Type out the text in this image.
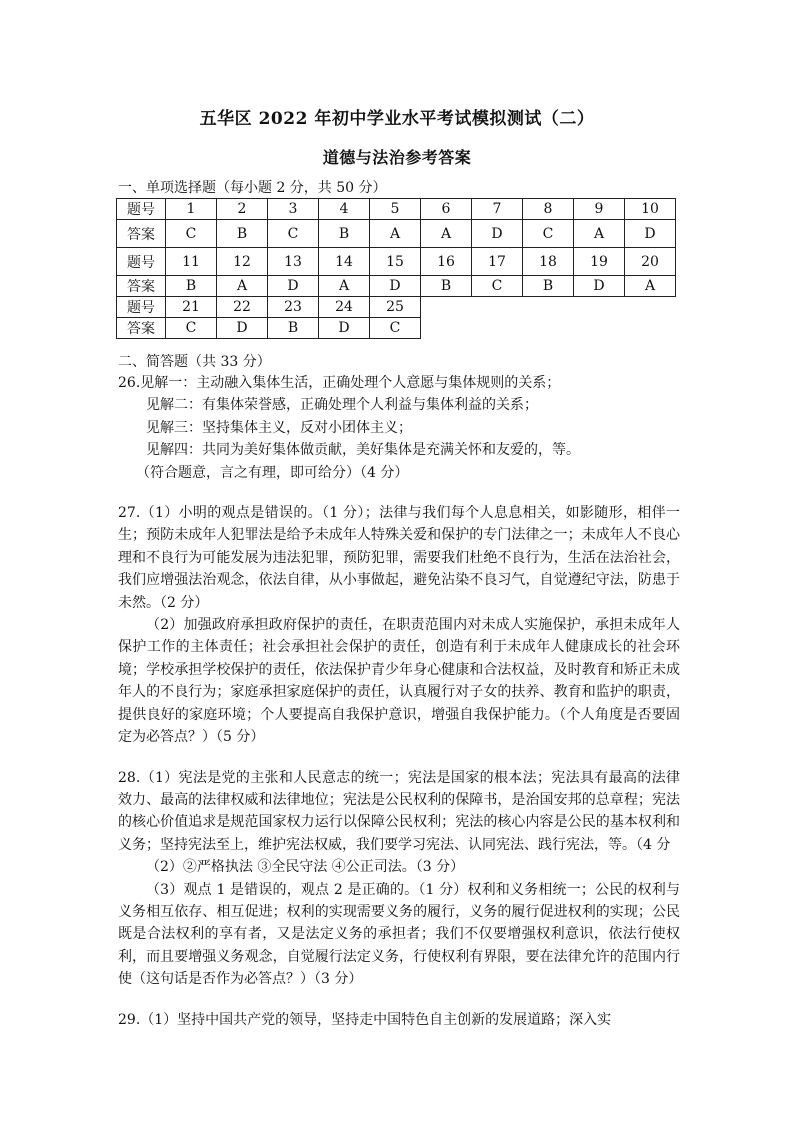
五华区 2022 年初中学业水平考试模拟测试（二）
道德与法治参考答案

一、单项选择题（每小题 2 分，共 50 分）

题号	1	2	3	4	5	6	7	8	9	10
答案	C	B	C	B	A	A	D	C	A	D
题号	11	12	13	14	15	16	17	18	19	20
答案	B	A	D	A	D	B	C	B	D	A
题号	21	22	23	24	25					
答案	C	D	B	D	C					

二、简答题（共 33 分）

26.见解一：主动融入集体生活，正确处理个人意愿与集体规则的关系；

见解二：有集体荣誉感，正确处理个人利益与集体利益的关系；

见解三：坚持集体主义，反对小团体主义；

见解四：共同为美好集体做贡献，美好集体是充满关怀和友爱的，等。

（符合题意，言之有理，即可给分）（4 分）

27.（1）小明的观点是错误的。（1 分）；法律与我们每个人息息相关，如影随形，相伴一生；预防未成年人犯罪法是给予未成年人特殊关爱和保护的专门法律之一；未成年人不良心理和不良行为可能发展为违法犯罪，预防犯罪，需要我们杜绝不良行为，生活在法治社会，我们应增强法治观念，依法自律，从小事做起，避免沾染不良习气，自觉遵纪守法，防患于未然。（2 分）

（2）加强政府承担政府保护的责任，在职责范围内对未成人实施保护，承担未成年人保护工作的主体责任；社会承担社会保护的责任，创造有利于未成年人健康成长的社会环境；学校承担学校保护的责任，依法保护青少年身心健康和合法权益，及时教育和矫正未成年人的不良行为；家庭承担家庭保护的责任，认真履行对子女的扶养、教育和监护的职责，提供良好的家庭环境；个人要提高自我保护意识，增强自我保护能力。（个人角度是否要固定为必答点？）（5 分）

28.（1）宪法是党的主张和人民意志的统一；宪法是国家的根本法；宪法具有最高的法律效力、最高的法律权威和法律地位；宪法是公民权利的保障书，是治国安邦的总章程；宪法的核心价值追求是规范国家权力运行以保障公民权利；宪法的核心内容是公民的基本权利和义务；坚持宪法至上，维护宪法权威，我们要学习宪法、认同宪法、践行宪法，等。（4 分

（2）②严格执法 ③全民守法 ④公正司法。（3 分）

（3）观点 1 是错误的，观点 2 是正确的。（1 分）权利和义务相统一；公民的权利与义务相互依存、相互促进；权利的实现需要义务的履行，义务的履行促进权利的实现；公民既是合法权利的享有者，又是法定义务的承担者；我们不仅要增强权利意识，依法行使权利，而且要增强义务观念，自觉履行法定义务，行使权利有界限，要在法律允许的范围内行使（这句话是否作为必答点？）（3 分）

29.（1）坚持中国共产党的领导，坚持走中国特色自主创新的发展道路；深入实
